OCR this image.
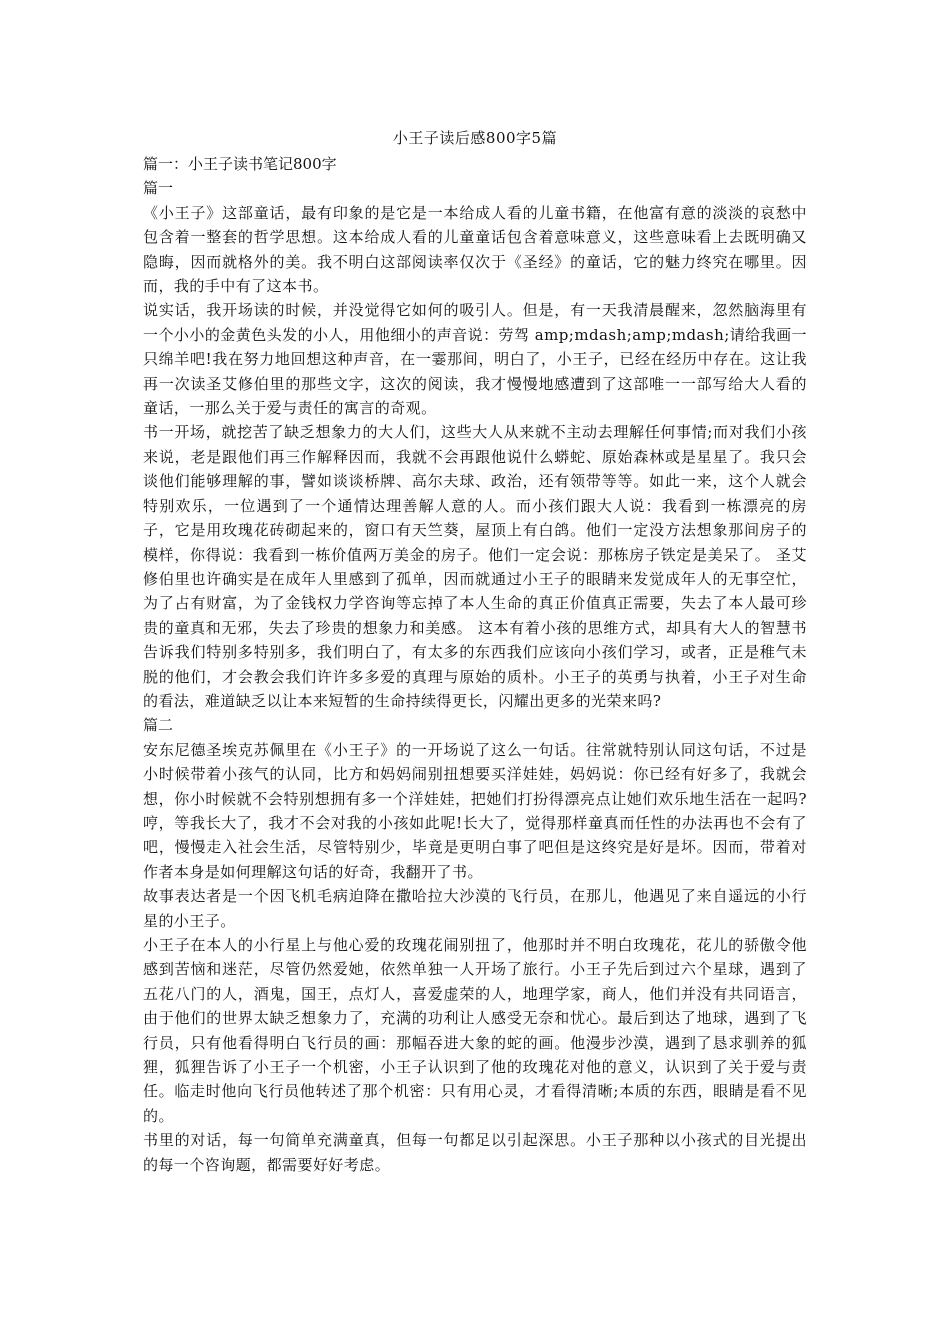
小王子读后感800字5篇

篇一：小王子读书笔记800字

篇一

《小王子》这部童话，最有印象的是它是一本给成人看的儿童书籍，在他富有意的淡淡的哀愁中包含着一整套的哲学思想。这本给成人看的儿童童话包含着意味意义，这些意味看上去既明确又隐晦，因而就格外的美。我不明白这部阅读率仅次于《圣经》的童话，它的魅力终究在哪里。因而，我的手中有了这本书。

说实话，我开场读的时候，并没觉得它如何的吸引人。但是，有一天我清晨醒来，忽然脑海里有一个小小的金黄色头发的小人，用他细小的声音说：劳驾 amp;mdash;amp;mdash;请给我画一只绵羊吧!我在努力地回想这种声音，在一霎那间，明白了，小王子，已经在经历中存在。这让我再一次读圣艾修伯里的那些文字，这次的阅读，我才慢慢地感遭到了这部唯一一部写给大人看的童话，一那么关于爱与责任的寓言的奇观。

书一开场，就挖苦了缺乏想象力的大人们，这些大人从来就不主动去理解任何事情;而对我们小孩来说，老是跟他们再三作解释因而，我就不会再跟他说什么蟒蛇、原始森林或是星星了。我只会谈他们能够理解的事，譬如谈谈桥牌、高尔夫球、政治，还有领带等等。如此一来，这个人就会特别欢乐，一位遇到了一个通情达理善解人意的人。而小孩们跟大人说：我看到一栋漂亮的房子，它是用玫瑰花砖砌起来的，窗口有天竺葵，屋顶上有白鸽。他们一定没方法想象那间房子的模样，你得说：我看到一栋价值两万美金的房子。他们一定会说：那栋房子铁定是美呆了。 圣艾修伯里也许确实是在成年人里感到了孤单，因而就通过小王子的眼睛来发觉成年人的无事空忙，为了占有财富，为了金钱权力学咨询等忘掉了本人生命的真正价值真正需要，失去了本人最可珍贵的童真和无邪，失去了珍贵的想象力和美感。 这本有着小孩的思维方式，却具有大人的智慧书告诉我们特别多特别多，我们明白了，有太多的东西我们应该向小孩们学习，或者，正是稚气未脱的他们，才会教会我们许许多多爱的真理与原始的质朴。小王子的英勇与执着，小王子对生命的看法，难道缺乏以让本来短暂的生命持续得更长，闪耀出更多的光荣来吗?

篇二

安东尼德圣埃克苏佩里在《小王子》的一开场说了这么一句话。往常就特别认同这句话，不过是小时候带着小孩气的认同，比方和妈妈闹别扭想要买洋娃娃，妈妈说：你已经有好多了，我就会想，你小时候就不会特别想拥有多一个洋娃娃，把她们打扮得漂亮点让她们欢乐地生活在一起吗?哼，等我长大了，我才不会对我的小孩如此呢!长大了，觉得那样童真而任性的办法再也不会有了吧，慢慢走入社会生活，尽管特别少，毕竟是更明白事了吧但是这终究是好是坏。因而，带着对作者本身是如何理解这句话的好奇，我翻开了书。

故事表达者是一个因飞机毛病迫降在撒哈拉大沙漠的飞行员，在那儿，他遇见了来自遥远的小行星的小王子。

小王子在本人的小行星上与他心爱的玫瑰花闹别扭了，他那时并不明白玫瑰花，花儿的骄傲令他感到苦恼和迷茫，尽管仍然爱她，依然单独一人开场了旅行。小王子先后到过六个星球，遇到了五花八门的人，酒鬼，国王，点灯人，喜爱虚荣的人，地理学家，商人，他们并没有共同语言，由于他们的世界太缺乏想象力了，充满的功利让人感受无奈和忧心。最后到达了地球，遇到了飞行员，只有他看得明白飞行员的画：那幅吞进大象的蛇的画。他漫步沙漠，遇到了恳求驯养的狐狸，狐狸告诉了小王子一个机密，小王子认识到了他的玫瑰花对他的意义，认识到了关于爱与责任。临走时他向飞行员他转述了那个机密：只有用心灵，才看得清晰;本质的东西，眼睛是看不见的。

书里的对话，每一句简单充满童真，但每一句都足以引起深思。小王子那种以小孩式的目光提出的每一个咨询题，都需要好好考虑。
